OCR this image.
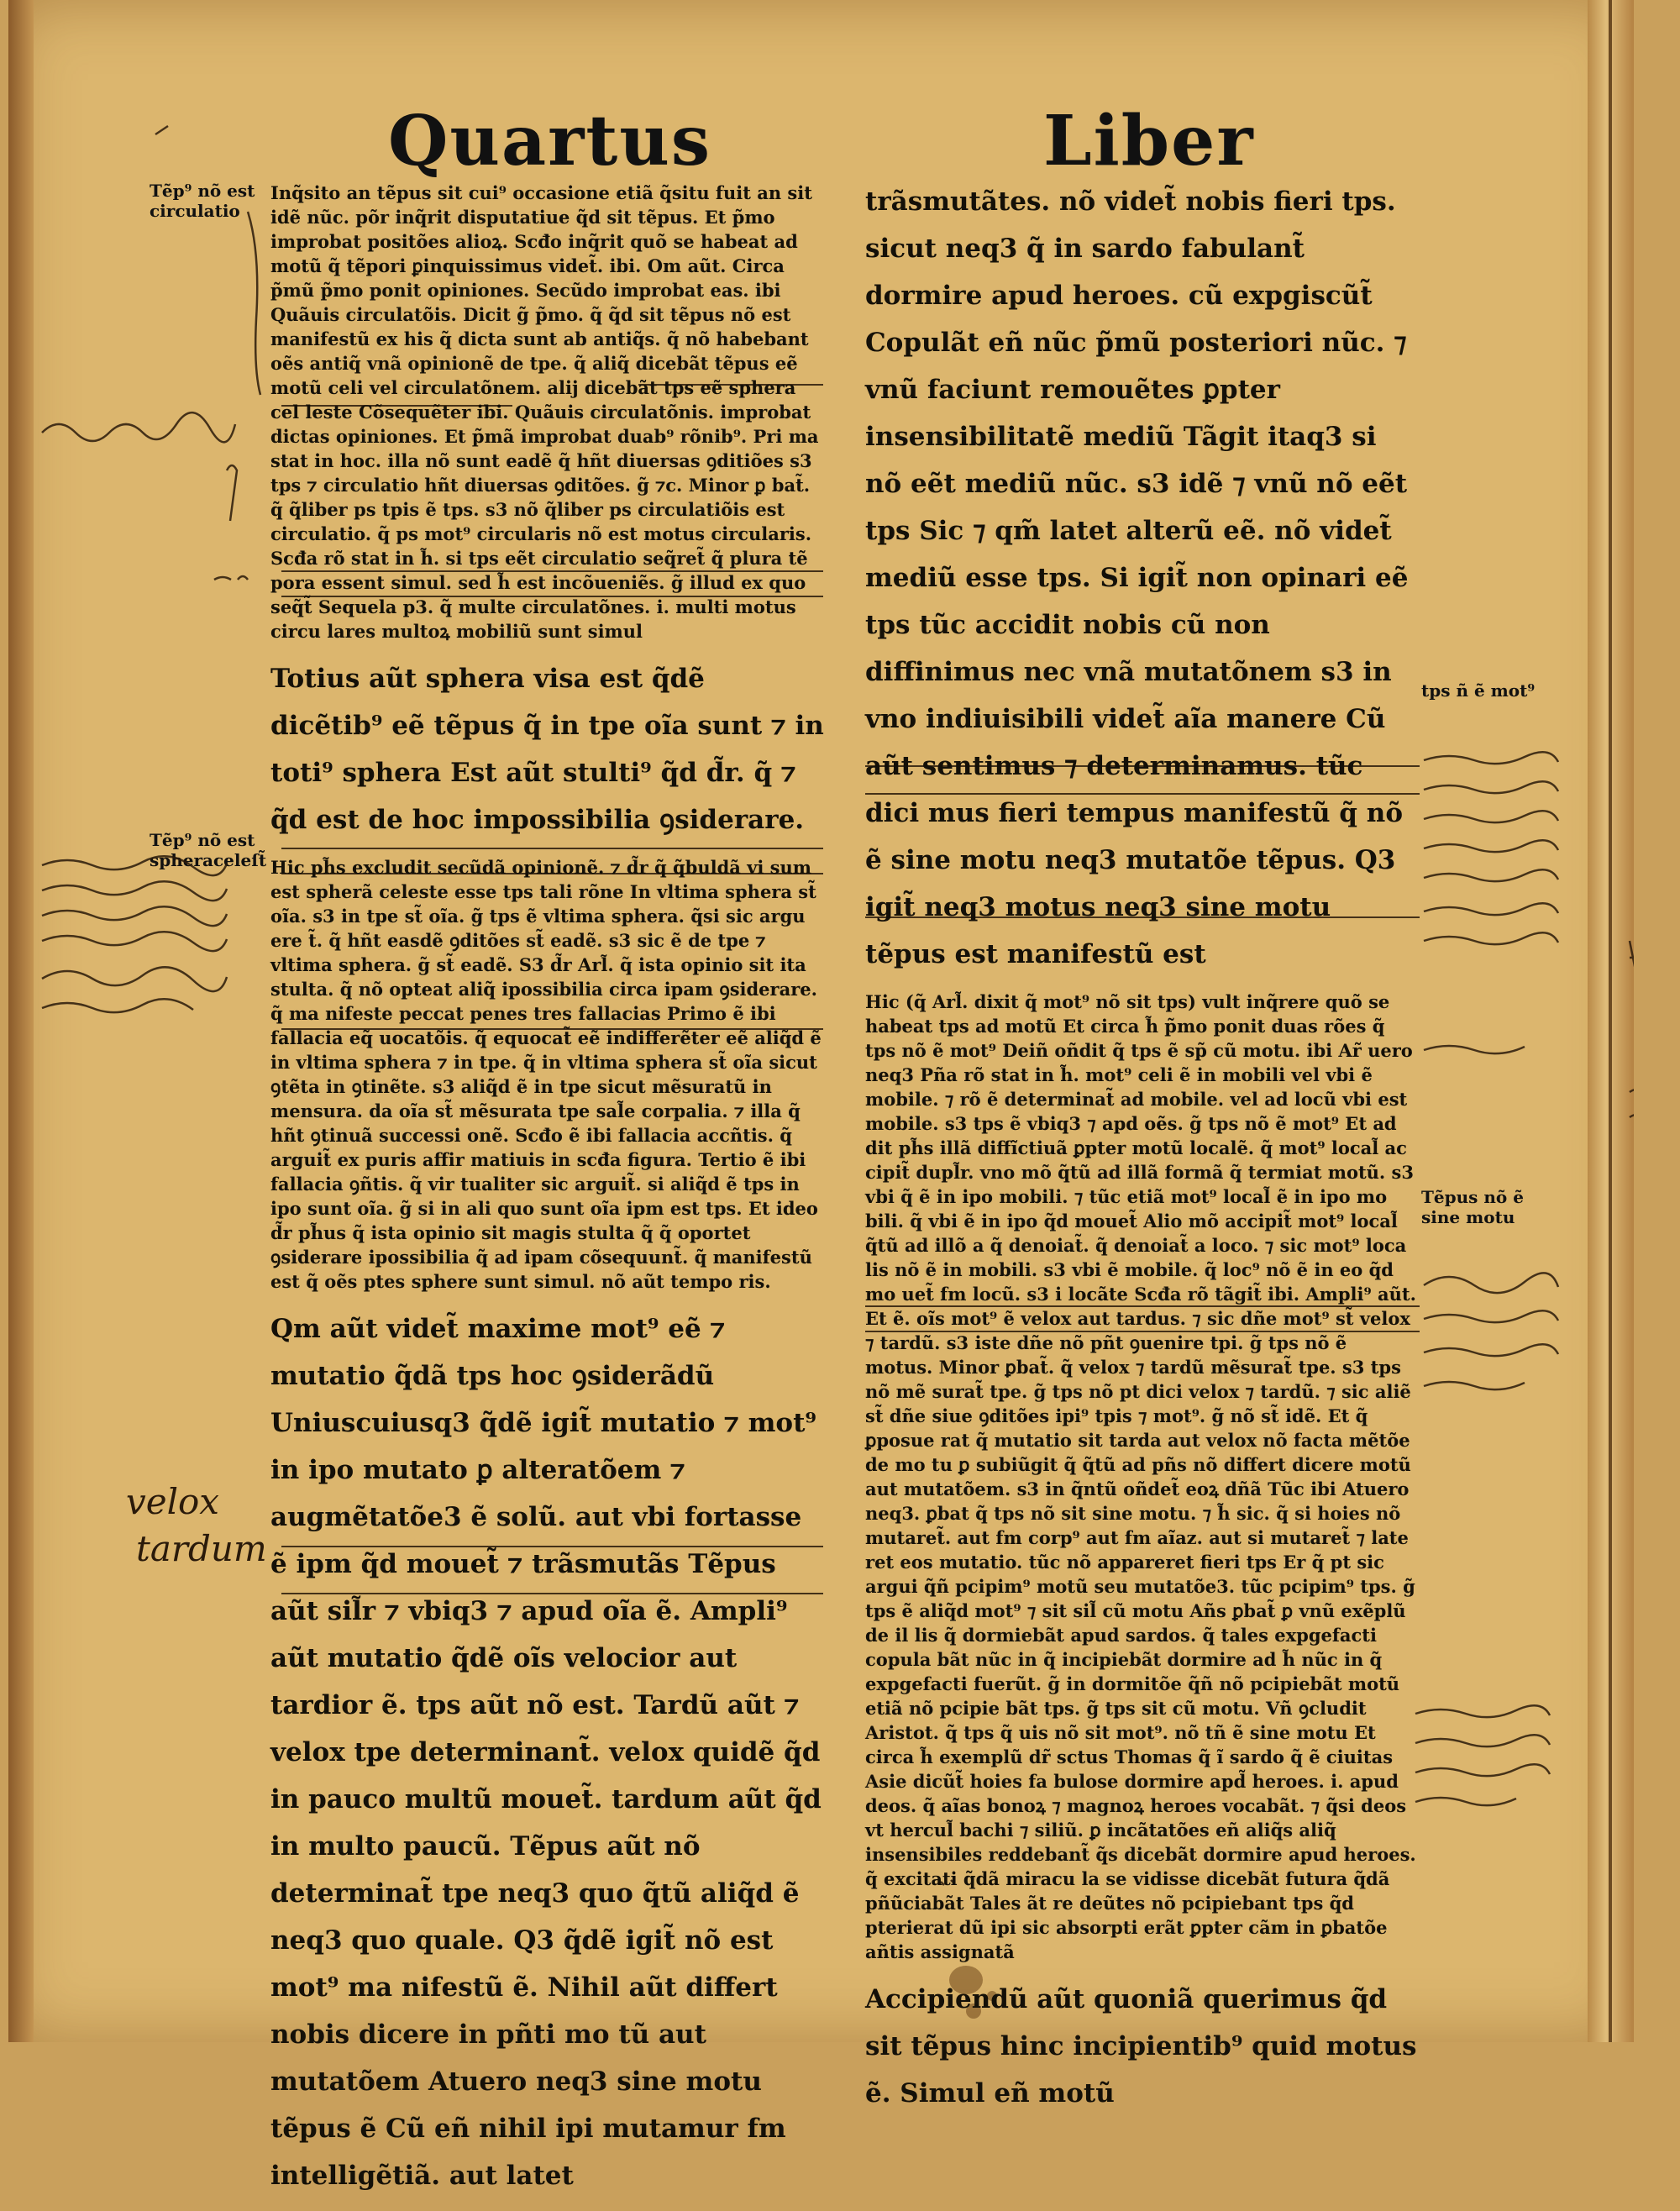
Quartus	Liber
Tẽp⁹ nõ est
circulatio
Tẽp⁹ nõ est
spheraceleſt̃
tps ñ ẽ mot⁹
Tẽpus nõ ẽ
sine motu
velox
tardum

Inq̃sito an tẽpus sit cui⁹ occasione etiã q̃situ fuit an sit idẽ nũc. põr inq̃rit disputatiue q̃d sit tẽpus. Et p̃mo improbat positões alioꝝ. Scđo inq̃rit quõ se habeat ad motũ q̃ tẽpori ꝑinquissimus videt̃. ibi. Om aũt. Circa p̃mũ p̃mo ponit opiniones. Secũdo improbat eas. ibi Quãuis circulatõis. Dicit g̃ p̃mo. q̃ q̃d sit tẽpus nõ est manifestũ ex his q̃ dicta sunt ab antiq̃s. q̃ nõ habebant oẽs antiq̃ vnã opinionẽ de tpe. q̃ aliq̃ dicebãt tẽpus eẽ motũ celi vel circulatõnem. alij dicebãt tps eẽ sphera cel leste Cõsequẽter ibi. Quãuis circulatõnis. improbat dictas opiniones. Et p̃mã improbat duab⁹ rõnib⁹. Pri ma stat in hoc. illa nõ sunt eadẽ q̃ hñt diuersas ꝯditiões s3 tps ⁊ circulatio hñt diuersas ꝯditões. g̃ ⁊c. Minor ꝑ bat̃. q̃ q̃liber ps tpis ẽ tps. s3 nõ q̃liber ps circulatiõis est circulatio. q̃ ps mot⁹ circularis nõ est motus circularis. Scđa rõ stat in h̃. si tps eẽt circulatio seq̃ret̃ q̃ plura tẽ pora essent simul. sed h̃ est incõueniẽs. g̃ illud ex quo seq̃t̃ Sequela p3. q̃ multe circulatõnes. i. multi motus circu lares multoꝝ mobiliũ sunt simul

Totius aũt sphera visa est q̃dẽ dicẽtib⁹ eẽ tẽpus q̃ in tpe oĩa sunt ⁊ in toti⁹ sphera Est aũt stulti⁹ q̃d d̃r. q̃ ⁊ q̃d est de hoc impossibilia ꝯsiderare.

Hic ph̃s excludit secũdã opinionẽ. ⁊ d̃r q̃ q̃buldã vi sum est spherã celeste esse tps tali rõne In vltima sphera st̃ oĩa. s3 in tpe st̃ oĩa. g̃ tps ẽ vltima sphera. q̃si sic argu ere t̃. q̃ hñt easdẽ ꝯditões st̃ eadẽ. s3 sic ẽ de tpe ⁊ vltima sphera. g̃ st̃ eadẽ. S3 d̃r Arl̃. q̃ ista opinio sit ita stulta. q̃ nõ opteat aliq̃ ipossibilia circa ipam ꝯsiderare. q̃ ma nifeste peccat penes tres fallacias Primo ẽ ibi fallacia eq̃ uocatõis. q̃ equocat̃ eẽ indifferẽter eẽ aliq̃d ẽ in vltima sphera ⁊ in tpe. q̃ in vltima sphera st̃ oĩa sicut ꝯtẽta in ꝯtinẽte. s3 aliq̃d ẽ in tpe sicut mẽsuratũ in mensura. da oĩa st̃ mẽsurata tpe sal̃e corpalia. ⁊ illa q̃ hñt ꝯtinuã successi onẽ. Scđo ẽ ibi fallacia accñtis. q̃ arguit̃ ex puris affir matiuis in scđa figura. Tertio ẽ ibi fallacia ꝯñtis. q̃ vir tualiter sic arguit̃. si aliq̃d ẽ tps in ipo sunt oĩa. g̃ si in ali quo sunt oĩa ipm est tps. Et ideo d̃r ph̃us q̃ ista opinio sit magis stulta q̃ q̃ oportet ꝯsiderare ipossibilia q̃ ad ipam cõsequunt̃. q̃ manifestũ est q̃ oẽs ptes sphere sunt simul. nõ aũt tempo ris.

Qm aũt videt̃ maxime mot⁹ eẽ ⁊ mutatio q̃dã tps hoc ꝯsiderãdũ Uniuscuiusq3 q̃dẽ igit̃ mutatio ⁊ mot⁹ in ipo mutato ꝑ alteratõem ⁊ augmẽtatõe3 ẽ solũ. aut vbi fortasse ẽ ipm q̃d mouet̃ ⁊ trãsmutãs Tẽpus aũt sil̃r ⁊ vbiq3 ⁊ apud oĩa ẽ. Ampli⁹ aũt mutatio q̃dẽ oĩs velocior aut tardior ẽ. tps aũt nõ est. Tardũ aũt ⁊ velox tpe determinant̃. velox quidẽ q̃d in pauco multũ mouet̃. tardum aũt q̃d in multo paucũ. Tẽpus aũt nõ determinat̃ tpe neq3 quo q̃tũ aliq̃d ẽ neq3 quo quale. Q3 q̃dẽ igit̃ nõ est mot⁹ ma nifestũ ẽ. Nihil aũt differt nobis dicere in pñti mo tũ aut mutatõem Atuero neq3 sine motu tẽpus ẽ Cũ eñ nihil ipi mutamur fm intelligẽtiã. aut latet

trãsmutãtes. nõ videt̃ nobis fieri tps. sicut neq3 q̃ in sardo fabulant̃ dormire apud heroes. cũ expgiscũt̃ Copulãt eñ nũc p̃mũ posteriori nũc. ⁊ vnũ faciunt remouẽtes ꝑpter insensibilitatẽ mediũ Tãgit itaq3 si nõ eẽt mediũ nũc. s3 idẽ ⁊ vnũ nõ eẽt tps Sic ⁊ qm̃ latet alterũ eẽ. nõ videt̃ mediũ esse tps. Si igit̃ non opinari eẽ tps tũc accidit nobis cũ non diffinimus nec vnã mutatõnem s3 in vno indiuisibili videt̃ aĩa manere Cũ aũt sentimus ⁊ determinamus. tũc dici mus fieri tempus manifestũ q̃ nõ ẽ sine motu neq3 mutatõe tẽpus. Q3 igit̃ neq3 motus neq3 sine motu tẽpus est manifestũ est

Hic (q̃ Arl̃. dixit q̃ mot⁹ nõ sit tps) vult inq̃rere quõ se habeat tps ad motũ Et circa h̃ p̃mo ponit duas rões q̃ tps nõ ẽ mot⁹ Deiñ oñdit q̃ tps ẽ sp̃ cũ motu. ibi Ar̃ uero neq3 Pña rõ stat in h̃. mot⁹ celi ẽ in mobili vel vbi ẽ mobile. ⁊ rõ ẽ determinat̃ ad mobile. vel ad locũ vbi est mobile. s3 tps ẽ vbiq3 ⁊ apd oẽs. g̃ tps nõ ẽ mot⁹ Et ad dit ph̃s illã diffĩctiuã ꝑpter motũ localẽ. q̃ mot⁹ local̃ ac cipit̃ dupl̃r. vno mõ q̃tũ ad illã formã q̃ termiat motũ. s3 vbi q̃ ẽ in ipo mobili. ⁊ tũc etiã mot⁹ local̃ ẽ in ipo mo bili. q̃ vbi ẽ in ipo q̃d mouet̃ Alio mõ accipit̃ mot⁹ local̃ q̃tũ ad illõ a q̃ denoiat̃. q̃ denoiat̃ a loco. ⁊ sic mot⁹ loca lis nõ ẽ in mobili. s3 vbi ẽ mobile. q̃ loc⁹ nõ ẽ in eo q̃d mo uet̃ fm locũ. s3 i locãte Scđa rõ tãgit̃ ibi. Ampli⁹ aũt. Et ẽ. oĩs mot⁹ ẽ velox aut tardus. ⁊ sic dñe mot⁹ st̃ velox ⁊ tardũ. s3 iste dñe nõ pñt ꝯuenire tpi. g̃ tps nõ ẽ motus. Minor ꝑbat̃. q̃ velox ⁊ tardũ mẽsurat̃ tpe. s3 tps nõ mẽ surat̃ tpe. g̃ tps nõ pt dici velox ⁊ tardũ. ⁊ sic aliẽ st̃ dñe siue ꝯditões ipi⁹ tpis ⁊ mot⁹. g̃ nõ st̃ idẽ. Et q̃ ꝑposue rat q̃ mutatio sit tarda aut velox nõ facta mẽtõe de mo tu ꝑ subiũgit q̃ q̃tũ ad pñs nõ differt dicere motũ aut mutatõem. s3 in q̃ntũ oñdet̃ eoꝝ dñã Tũc ibi Atuero neq3. ꝑbat q̃ tps nõ sit sine motu. ⁊ h̃ sic. q̃ si hoies nõ mutaret̃. aut fm corp⁹ aut fm aĩaz. aut si mutaret̃ ⁊ late ret eos mutatio. tũc nõ appareret fieri tps Er q̃ pt sic argui q̃ñ pcipim⁹ motũ seu mutatõe3. tũc pcipim⁹ tps. g̃ tps ẽ aliq̃d mot⁹ ⁊ sit sil̃ cũ motu Añs ꝑbat̃ ꝑ vnũ exẽplũ de il lis q̃ dormiebãt apud sardos. q̃ tales expgefacti copula bãt nũc in q̃ incipiebãt dormire ad h̃ nũc in q̃ expgefacti fuerũt. g̃ in dormitõe q̃ñ nõ pcipiebãt motũ etiã nõ pcipie bãt tps. g̃ tps sit cũ motu. Vñ ꝯcludit Aristot. q̃ tps q̃ uis nõ sit mot⁹. nõ tñ ẽ sine motu Et circa h̃ exemplũ dr̃ sctus Thomas q̃ ĩ sardo q̃ ẽ ciuitas Asie dicũt̃ hoies fa bulose dormire apd̃ heroes. i. apud deos. q̃ aĩas bonoꝝ ⁊ magnoꝝ heroes vocabãt. ⁊ q̃si deos vt hercul̃ bachi ⁊ siliũ. ꝑ incãtatões eñ aliq̃s aliq̃ insensibiles reddebant̃ q̃s dicebãt dormire apud heroes. q̃ excitati q̃dã miracu la se vidisse dicebãt futura q̃dã pñũciabãt Tales ãt re deũtes nõ pcipiebant tps q̃d pterierat dũ ipi sic absorpti erãt ꝑpter cãm in ꝑbatõe añtis assignatã

Accipiendũ aũt quoniã querimus q̃d sit tẽpus hinc incipientib⁹ quid motus ẽ. Simul eñ motũ
